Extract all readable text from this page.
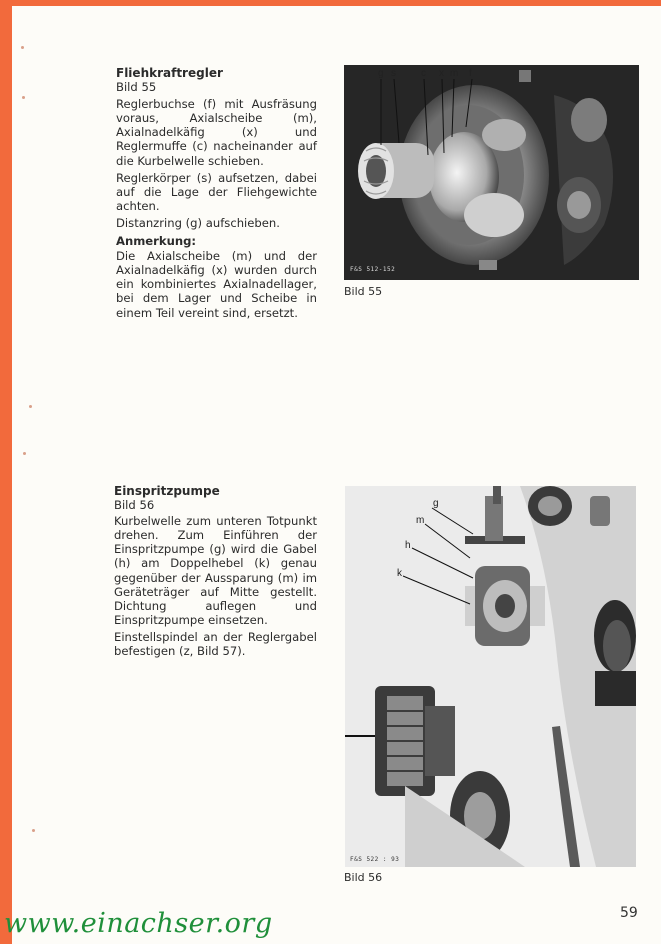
Fliehkraftregler
Bild 55
Reglerbuchse (f) mit Ausfräsung voraus, Axialscheibe (m), Axialnadelkäfig (x) und Reglermuffe (c) nacheinander auf die Kurbelwelle schieben.
Reglerkörper (s) aufsetzen, dabei auf die Lage der Fliehgewichte achten.
Distanzring (g) aufschieben.
Anmerkung:
Die Axialscheibe (m) und der Axialnadelkäfig (x) wurden durch ein kombiniertes Axialnadellager, bei dem Lager und Scheibe in einem Teil vereint sind, ersetzt.
g s	c x m f
F&S 512-152
Bild 55
Einspritzpumpe
Bild 56
Kurbelwelle zum unteren Totpunkt drehen. Zum Einführen der Einspritzpumpe (g) wird die Gabel (h) am Doppelhebel (k) genau gegenüber der Aussparung (m) im Geräteträger auf Mitte gestellt. Dichtung auflegen und Einspritzpumpe einsetzen.
Einstellspindel an der Reglergabel befestigen (z, Bild 57).
g
m
h
k
F&S 522 : 93
Bild 56
www.einachser.org	59
